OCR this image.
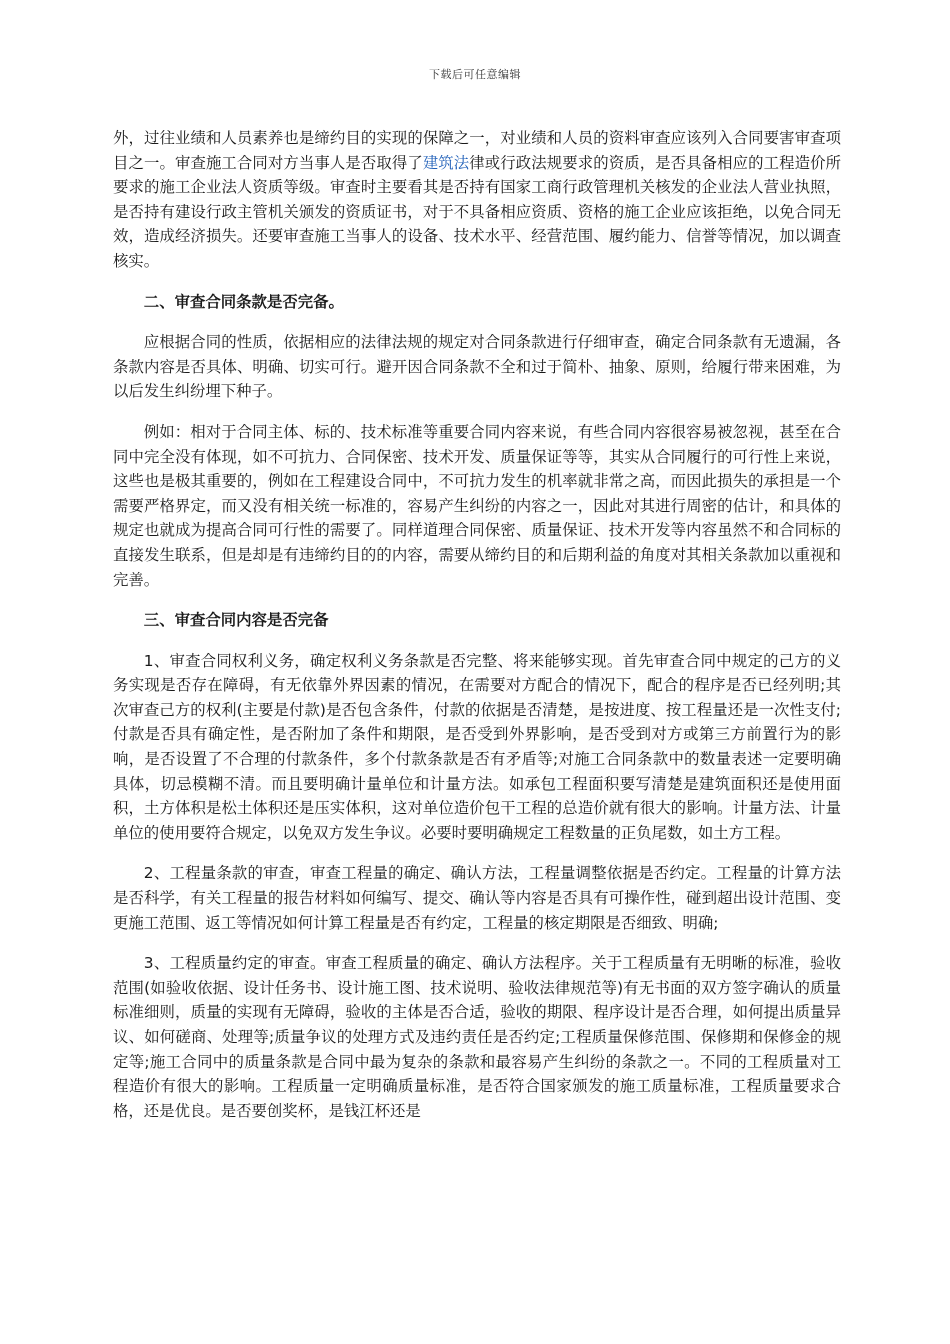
下载后可任意编辑

外，过往业绩和人员素养也是缔约目的实现的保障之一，对业绩和人员的资料审查应该列入合同要害审查项目之一。审查施工合同对方当事人是否取得了建筑法律或行政法规要求的资质，是否具备相应的工程造价所要求的施工企业法人资质等级。审查时主要看其是否持有国家工商行政管理机关核发的企业法人营业执照，是否持有建设行政主管机关颁发的资质证书，对于不具备相应资质、资格的施工企业应该拒绝，以免合同无效，造成经济损失。还要审查施工当事人的设备、技术水平、经营范围、履约能力、信誉等情况，加以调查核实。

二、审查合同条款是否完备。

应根据合同的性质，依据相应的法律法规的规定对合同条款进行仔细审查，确定合同条款有无遗漏，各条款内容是否具体、明确、切实可行。避开因合同条款不全和过于简朴、抽象、原则，给履行带来困难，为以后发生纠纷埋下种子。

例如：相对于合同主体、标的、技术标准等重要合同内容来说，有些合同内容很容易被忽视，甚至在合同中完全没有体现，如不可抗力、合同保密、技术开发、质量保证等等，其实从合同履行的可行性上来说，这些也是极其重要的，例如在工程建设合同中，不可抗力发生的机率就非常之高，而因此损失的承担是一个需要严格界定，而又没有相关统一标准的，容易产生纠纷的内容之一，因此对其进行周密的估计，和具体的规定也就成为提高合同可行性的需要了。同样道理合同保密、质量保证、技术开发等内容虽然不和合同标的直接发生联系，但是却是有违缔约目的的内容，需要从缔约目的和后期利益的角度对其相关条款加以重视和完善。

三、审查合同内容是否完备

1、审查合同权利义务，确定权利义务条款是否完整、将来能够实现。首先审查合同中规定的己方的义务实现是否存在障碍，有无依靠外界因素的情况，在需要对方配合的情况下，配合的程序是否已经列明;其次审查己方的权利(主要是付款)是否包含条件，付款的依据是否清楚，是按进度、按工程量还是一次性支付;付款是否具有确定性，是否附加了条件和期限，是否受到外界影响，是否受到对方或第三方前置行为的影响，是否设置了不合理的付款条件，多个付款条款是否有矛盾等;对施工合同条款中的数量表述一定要明确具体，切忌模糊不清。而且要明确计量单位和计量方法。如承包工程面积要写清楚是建筑面积还是使用面积，土方体积是松土体积还是压实体积，这对单位造价包干工程的总造价就有很大的影响。计量方法、计量单位的使用要符合规定，以免双方发生争议。必要时要明确规定工程数量的正负尾数，如土方工程。

2、工程量条款的审查，审查工程量的确定、确认方法，工程量调整依据是否约定。工程量的计算方法是否科学，有关工程量的报告材料如何编写、提交、确认等内容是否具有可操作性，碰到超出设计范围、变更施工范围、返工等情况如何计算工程量是否有约定，工程量的核定期限是否细致、明确;

3、工程质量约定的审查。审查工程质量的确定、确认方法程序。关于工程质量有无明晰的标准，验收范围(如验收依据、设计任务书、设计施工图、技术说明、验收法律规范等)有无书面的双方签字确认的质量标准细则，质量的实现有无障碍，验收的主体是否合适，验收的期限、程序设计是否合理，如何提出质量异议、如何磋商、处理等;质量争议的处理方式及违约责任是否约定;工程质量保修范围、保修期和保修金的规定等;施工合同中的质量条款是合同中最为复杂的条款和最容易产生纠纷的条款之一。不同的工程质量对工程造价有很大的影响。工程质量一定明确质量标准，是否符合国家颁发的施工质量标准，工程质量要求合格，还是优良。是否要创奖杯，是钱江杯还是
